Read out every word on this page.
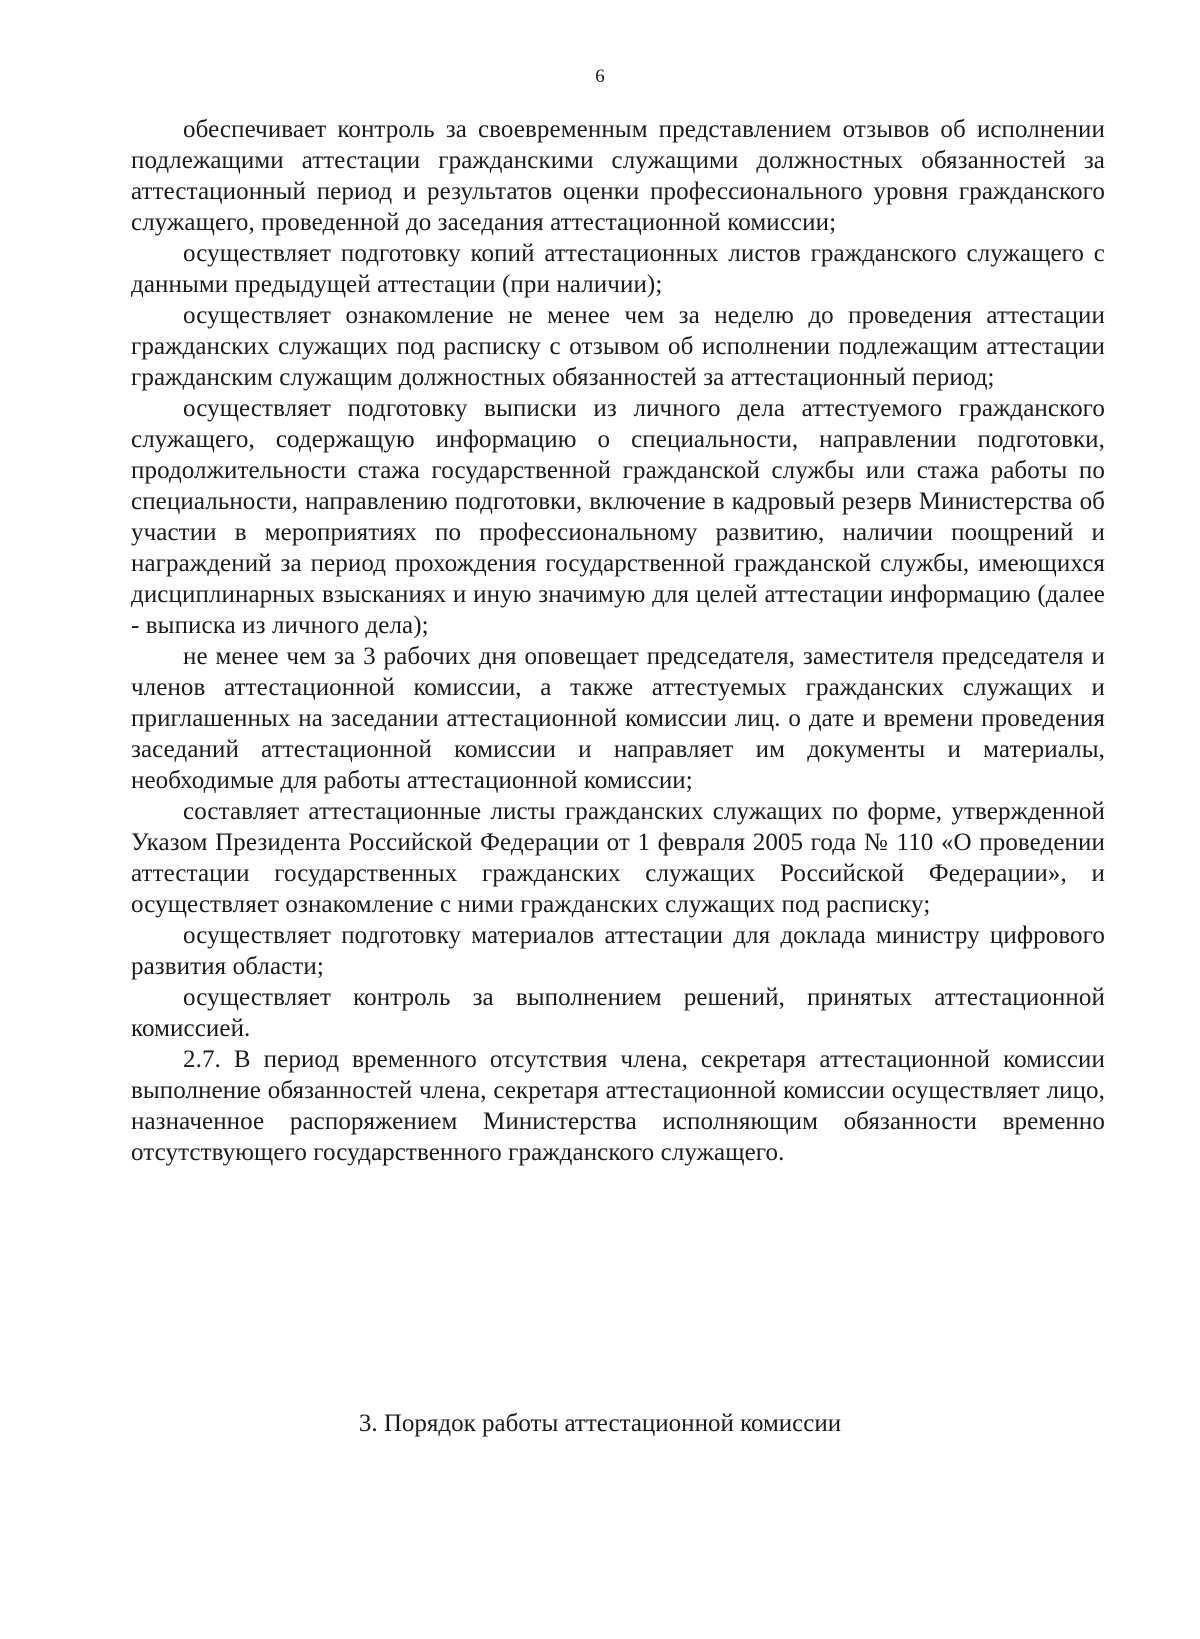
6

обеспечивает контроль за своевременным представлением отзывов об исполнении подлежащими аттестации гражданскими служащими должностных обязанностей за аттестационный период и результатов оценки профессионального уровня гражданского служащего, проведенной до заседания аттестационной комиссии;

осуществляет подготовку копий аттестационных листов гражданского служащего с данными предыдущей аттестации (при наличии);

осуществляет ознакомление не менее чем за неделю до проведения аттестации гражданских служащих под расписку с отзывом об исполнении подлежащим аттестации гражданским служащим должностных обязанностей за аттестационный период;

осуществляет подготовку выписки из личного дела аттестуемого гражданского служащего, содержащую информацию о специальности, направлении подготовки, продолжительности стажа государственной гражданской службы или стажа работы по специальности, направлению подготовки, включение в кадровый резерв Министерства об участии в мероприятиях по профессиональному развитию, наличии поощрений и награждений за период прохождения государственной гражданской службы, имеющихся дисциплинарных взысканиях и иную значимую для целей аттестации информацию (далее - выписка из личного дела);

не менее чем за 3 рабочих дня оповещает председателя, заместителя председателя и членов аттестационной комиссии, а также аттестуемых гражданских служащих и приглашенных на заседании аттестационной комиссии лиц. о дате и времени проведения заседаний аттестационной комиссии и направляет им документы и материалы, необходимые для работы аттестационной комиссии;

составляет аттестационные листы гражданских служащих по форме, утвержденной Указом Президента Российской Федерации от 1 февраля 2005 года № 110 «О проведении аттестации государственных гражданских служащих Российской Федерации», и осуществляет ознакомление с ними гражданских служащих под расписку;

осуществляет подготовку материалов аттестации для доклада министру цифрового развития области;

осуществляет контроль за выполнением решений, принятых аттестационной комиссией.

2.7. В период временного отсутствия члена, секретаря аттестационной комиссии выполнение обязанностей члена, секретаря аттестационной комиссии осуществляет лицо, назначенное распоряжением Министерства исполняющим обязанности временно отсутствующего государственного гражданского служащего.

3. Порядок работы аттестационной комиссии
